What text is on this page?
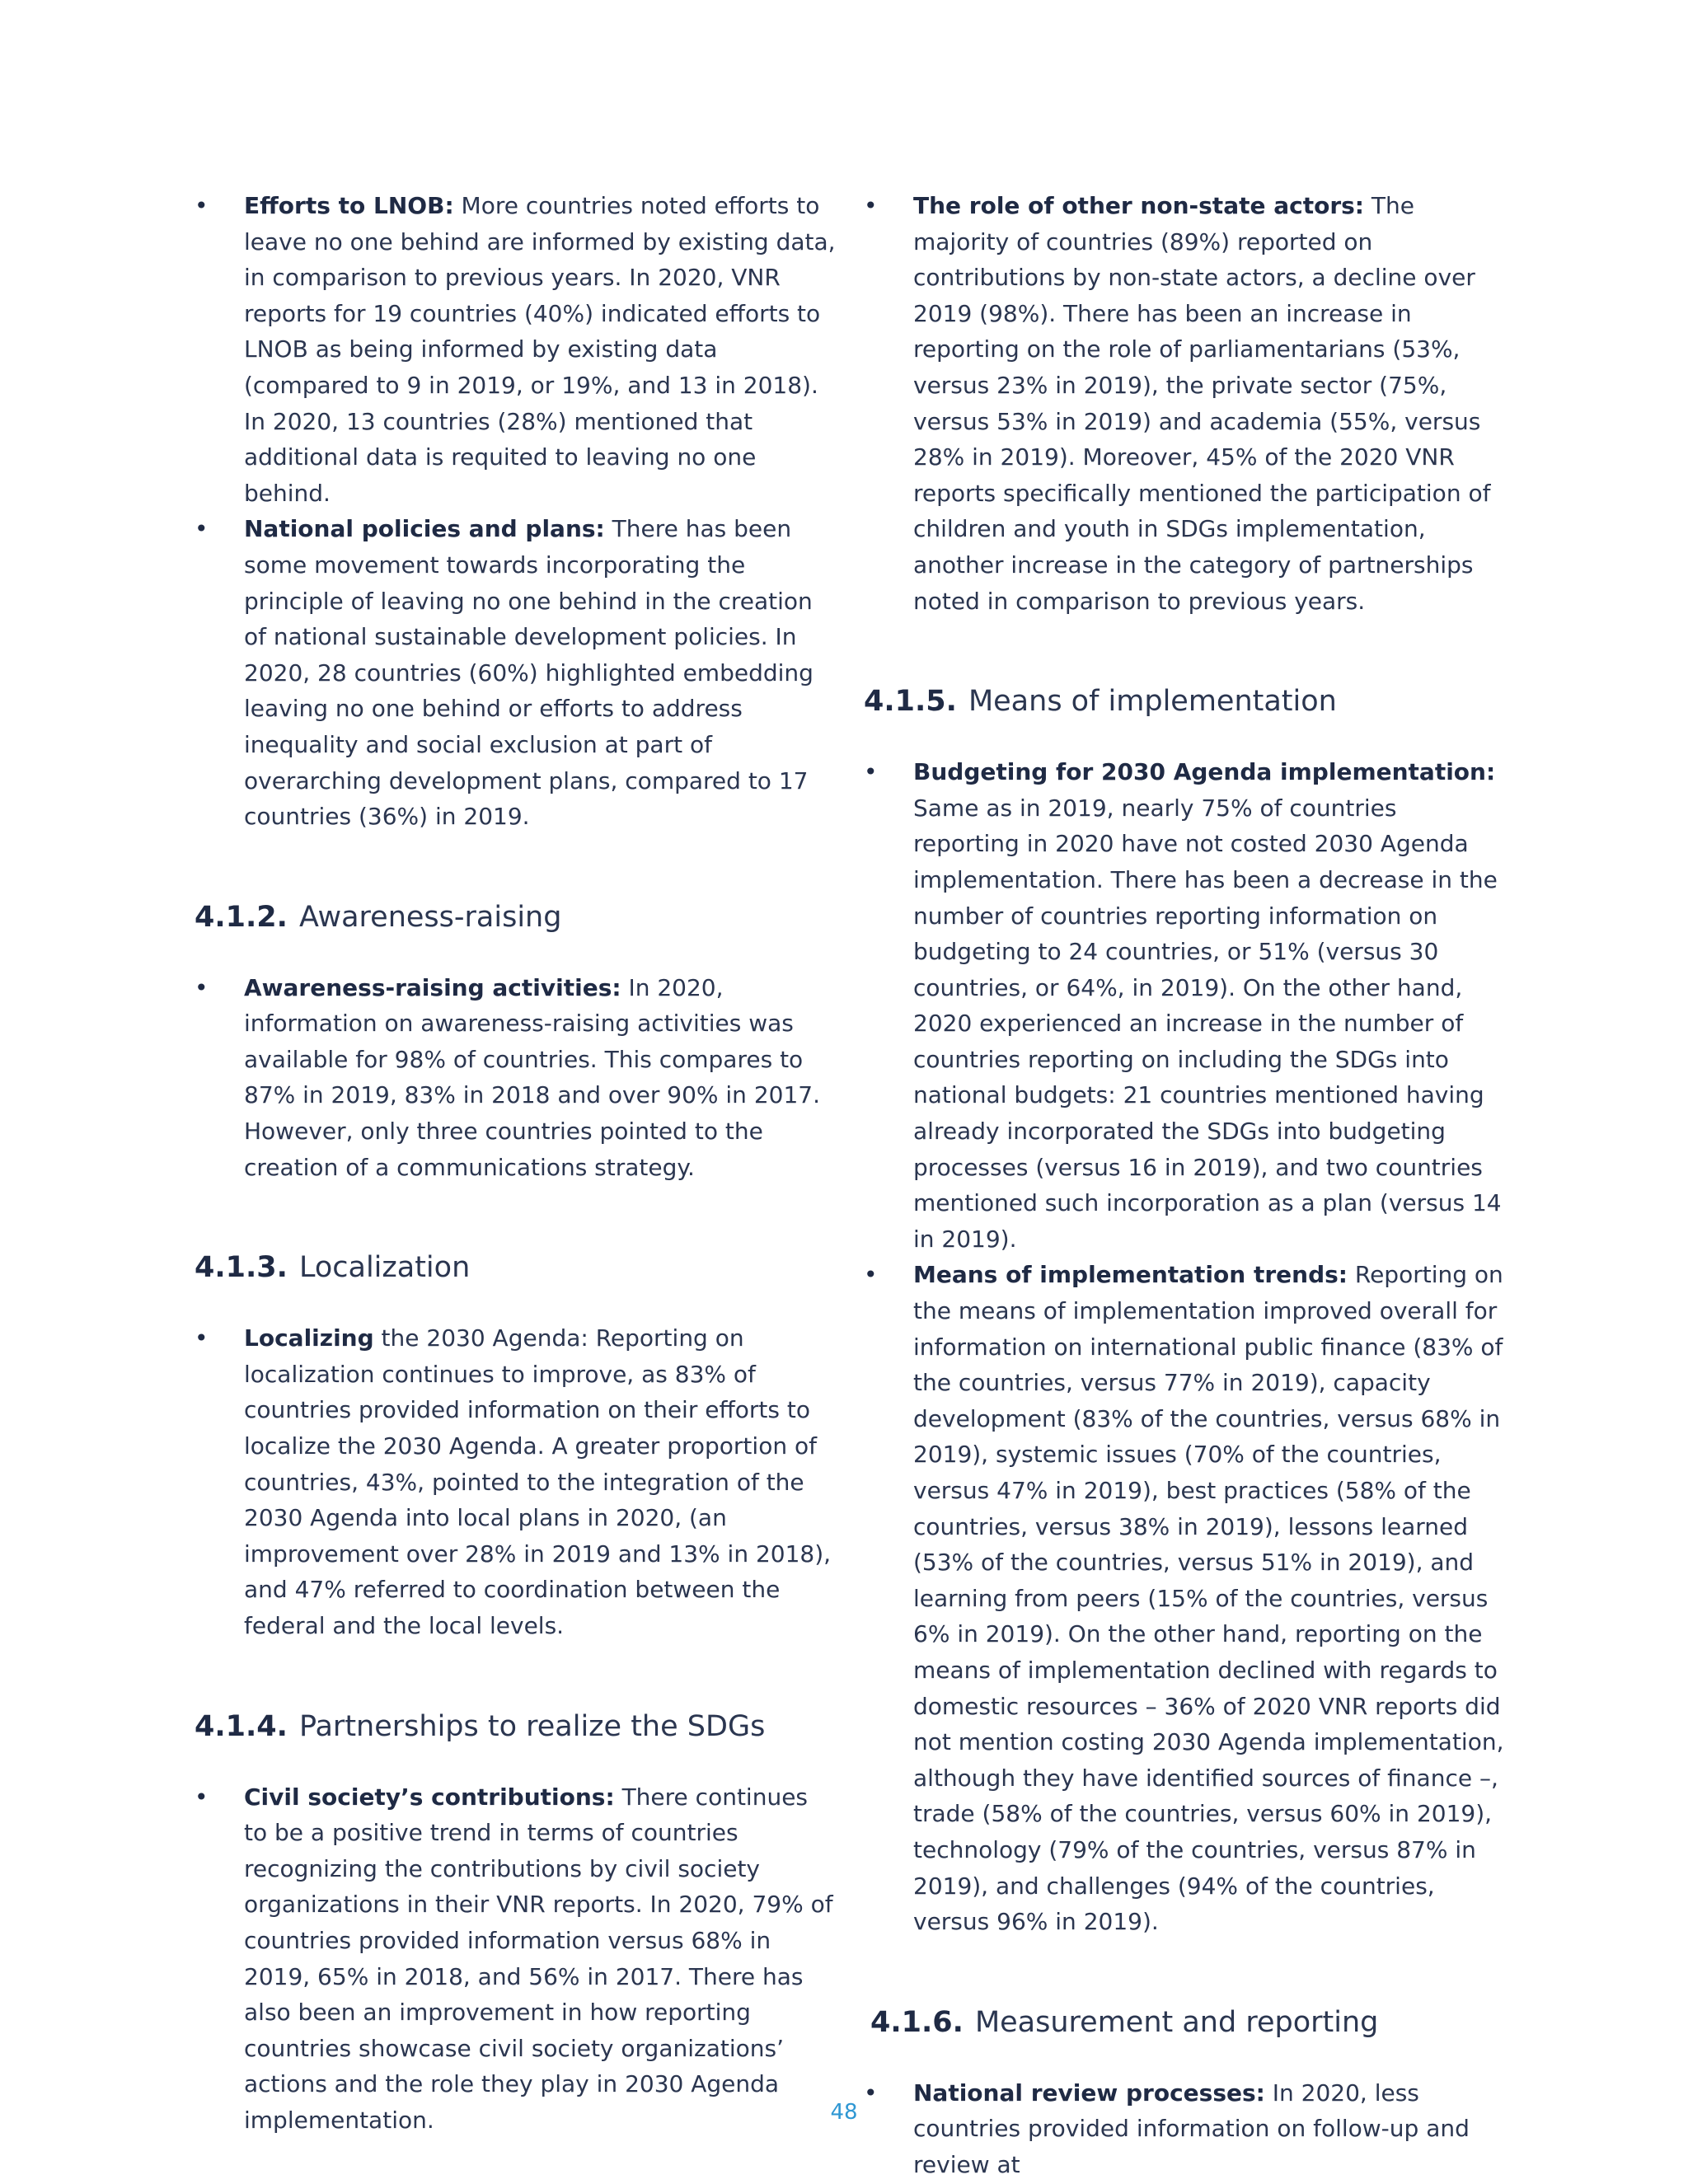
• Efforts to LNOB: More countries noted efforts to leave no one behind are informed by existing data, in comparison to previous years. In 2020, VNR reports for 19 countries (40%) indicated efforts to LNOB as being informed by existing data (compared to 9 in 2019, or 19%, and 13 in 2018). In 2020, 13 countries (28%) mentioned that additional data is requited to leaving no one behind.
• National policies and plans: There has been some movement towards incorporating the principle of leaving no one behind in the creation of national sustainable development policies. In 2020, 28 countries (60%) highlighted embedding leaving no one behind or efforts to address inequality and social exclusion at part of overarching development plans, compared to 17 countries (36%) in 2019.
4.1.2. Awareness-raising
• Awareness-raising activities: In 2020, information on awareness-raising activities was available for 98% of countries. This compares to 87% in 2019, 83% in 2018 and over 90% in 2017. However, only three countries pointed to the creation of a communications strategy.
4.1.3. Localization
• Localizing the 2030 Agenda: Reporting on localization continues to improve, as 83% of countries provided information on their efforts to localize the 2030 Agenda. A greater proportion of countries, 43%, pointed to the integration of the 2030 Agenda into local plans in 2020, (an improvement over 28% in 2019 and 13% in 2018), and 47% referred to coordination between the federal and the local levels.
4.1.4. Partnerships to realize the SDGs
• Civil society’s contributions: There continues to be a positive trend in terms of countries recognizing the contributions by civil society organizations in their VNR reports. In 2020, 79% of countries provided information versus 68% in 2019, 65% in 2018, and 56% in 2017. There has also been an improvement in how reporting countries showcase civil society organizations’ actions and the role they play in 2030 Agenda implementation.
• The role of other non-state actors: The majority of countries (89%) reported on contributions by non-state actors, a decline over 2019 (98%). There has been an increase in reporting on the role of parliamentarians (53%, versus 23% in 2019), the private sector (75%, versus 53% in 2019) and academia (55%, versus 28% in 2019). Moreover, 45% of the 2020 VNR reports specifically mentioned the participation of children and youth in SDGs implementation, another increase in the category of partnerships noted in comparison to previous years.
4.1.5. Means of implementation
• Budgeting for 2030 Agenda implementation: Same as in 2019, nearly 75% of countries reporting in 2020 have not costed 2030 Agenda implementation. There has been a decrease in the number of countries reporting information on budgeting to 24 countries, or 51% (versus 30 countries, or 64%, in 2019). On the other hand, 2020 experienced an increase in the number of countries reporting on including the SDGs into national budgets: 21 countries mentioned having already incorporated the SDGs into budgeting processes (versus 16 in 2019), and two countries mentioned such incorporation as a plan (versus 14 in 2019).
• Means of implementation trends: Reporting on the means of implementation improved overall for information on international public finance (83% of the countries, versus 77% in 2019), capacity development (83% of the countries, versus 68% in 2019), systemic issues (70% of the countries, versus 47% in 2019), best practices (58% of the countries, versus 38% in 2019), lessons learned (53% of the countries, versus 51% in 2019), and learning from peers (15% of the countries, versus 6% in 2019). On the other hand, reporting on the means of implementation declined with regards to domestic resources – 36% of 2020 VNR reports did not mention costing 2030 Agenda implementation, although they have identified sources of finance –, trade (58% of the countries, versus 60% in 2019), technology (79% of the countries, versus 87% in 2019), and challenges (94% of the countries, versus 96% in 2019).
4.1.6. Measurement and reporting
• National review processes: In 2020, less countries provided information on follow-up and review at
48
